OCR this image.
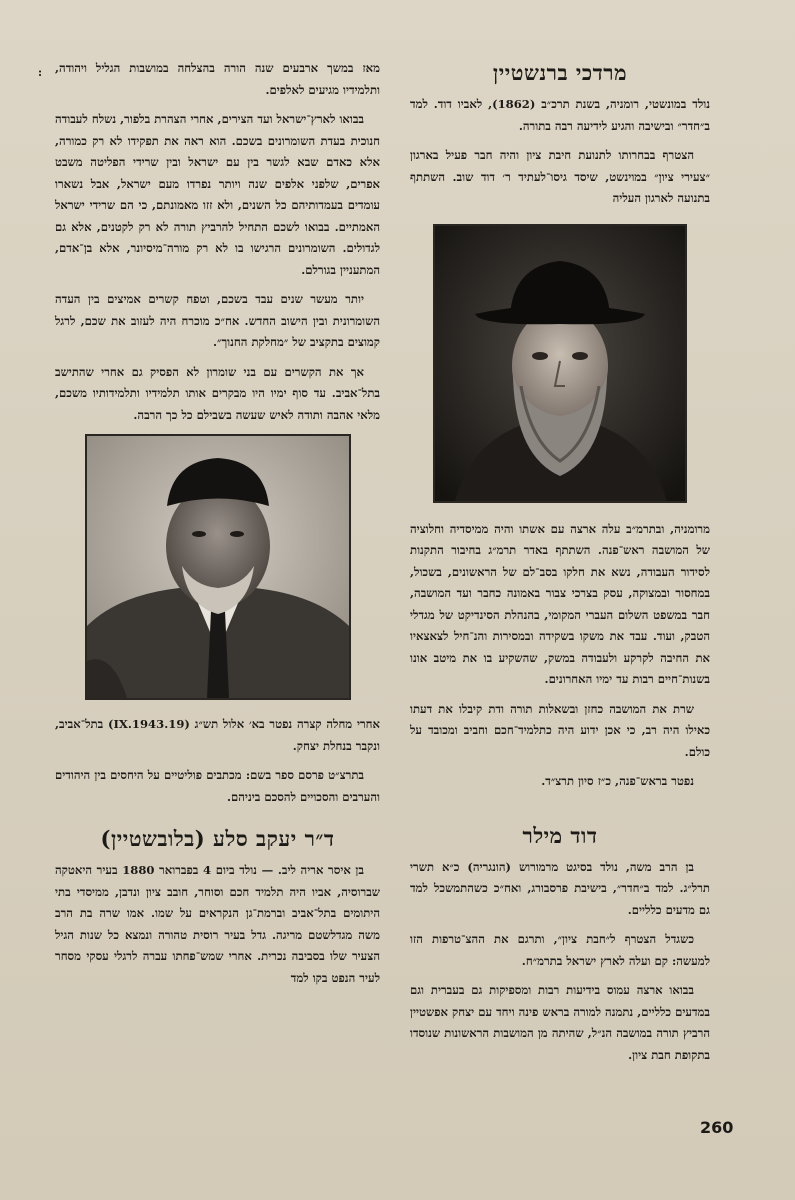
:	מרדכי ברנשטיין

נולד במונשטי, רומניה, בשנת תרכ״ב (1862), לאביו דוד. למד ב״חדר״ ובישיבה והגיע לידיעה רבה בתורה.

הצטרף בבחרותו לתנועת חיבת ציון והיה חבר פעיל בארגון ״צעירי ציון״ במוינשט, שיסד גיסו־לעתיד ר׳ דוד שוב. השתתף בתנועה לארגון העליה

מרומניה, ובתרמ״ב עלה ארצה עם אשתו והיה ממיסדיה וחלוציה של המושבה ראש־פנה. השתתף באדר תרמ״ג בחיבור התקנות לסידור העבודה, נשא את חלקו בסב־לם של הראשונים, בשכול, במחסור ובמצוקה, עסק בצרכי צבור באמונה כחבר ועד המושבה, חבר במשפט השלום העברי המקומי, בהנהלת הסינדיקט של מגדלי הטבק, ועוד. עבד את משקו בשקידה ובמסירות והנ־חיל לצאצאיו את החיבה לקרקע ולעבודה במשק, שהשקיע בו את מיטב אונו בשנות־חיים רבות עד ימיו האחרונים.

שרת את המושבה כחזן ובשאלות תורה ודת קיבלו את דעתו כאילו היה רב, כי אכן ידוע היה כתלמיד־חכם וחביב ומכובד על כולם.

נפטר בראש־פנה, כ״ז סיון תרצ״ד.

דוד מילר

בן הרב משה, נולד בסיגט מרמורוש (הונגריה) כ״א תשרי תרל״ג. למד ב״חדר״, בישיבת פרסבורג, ואח״כ כשהתמשכל למד גם מדעים כלליים.

כשגדל הצטרף ל״חבת ציון״, ותרגם את ההצ־טרפות הזו למעשה: קם ועלה לארץ ישראל בתרמ״ח.

בבואו ארצה עמוס בידיעות רבות ומספיקות גם בעברית וגם במדעים כלליים, נתמנה למורה בראש פינה ויחד עם יצחק אפשטיין הרביץ תורה במושבה הנ״ל, שהיתה מן המושבות הראשונות שנוסדו בתקופת חבת ציון.

מאז במשך ארבעים שנה הורה בהצלחה במושבות הגליל ויהודה, ותלמידיו מגיעים לאלפים.

בבואו לארץ־ישראל ועד הצירים, אחרי הצהרת בלפור, נשלח לעבודה חנוכית בעדת השומרונים בשכם. הוא ראה את תפקידו לא רק כמורה, אלא כאדם שבא לגשר בין עם ישראל ובין שרידי הפליטה משבט אפרים, שלפני אלפים שנה ויותר נפרדו מעם ישראל, אבל נשארו עומדים בעמדותיהם כל השנים, ולא זזו מאמונתם, כי הם שרידי ישראל האמתיים. בבואו לשכם התחיל להרביץ תורה לא רק לקטנים, אלא גם לגדולים. השומרונים הרגישו בו לא רק מורה־מיסיונר, אלא בן־אדם, המתעניין בגורלם.

יותר מעשר שנים עבד בשכם, וטפח קשרים אמיצים בין העדה השומרונית ובין הישוב החדש. אח״כ מוכרח היה לעזוב את שכם, לרגל קמוצים בתקציב של ״מחלקת החנוך״.

אך את הקשרים עם בני שומרון לא הפסיק גם אחרי שהתישב בתל־אביב. עד סוף ימיו היו מבקרים אותו תלמידיו ותלמידותיו משכם, מלאי אהבה ותודה לאיש שעשה בשבילם כל כך הרבה.

אחרי מחלה קצרה נפטר בא׳ אלול תש״ג (19.IX.1943) בתל־אביב, ונקבר בנחלת יצחק.

בתרצ״ט פרסם ספר בשם: מכתבים פוליטיים על היחסים בין היהודים והערבים והסכויים להסכם ביניהם.

ד״ר יעקב סלע (בלובשטיין)

בן איסר אריה ליב. — נולד ביום 4 בפברואר 1880 בעיר היאטקה שברוסיה, אביו היה תלמיד חכם וסוחר, חובב ציון ונדבן, ממיסדי בתי היתומים בתל־אביב וברמת־גן הנקראים על שמו. אמו שרה בת הרב משה מגדלשטם מריגה. גדל בעיר רוסית טהורה ונמצא כל שנות הגיל הצעיר שלו בסביבה נכרית. אחרי שמש־פחתו עברה לרגלי עסקי מסחר לעיר הנפט בקו למד

260
